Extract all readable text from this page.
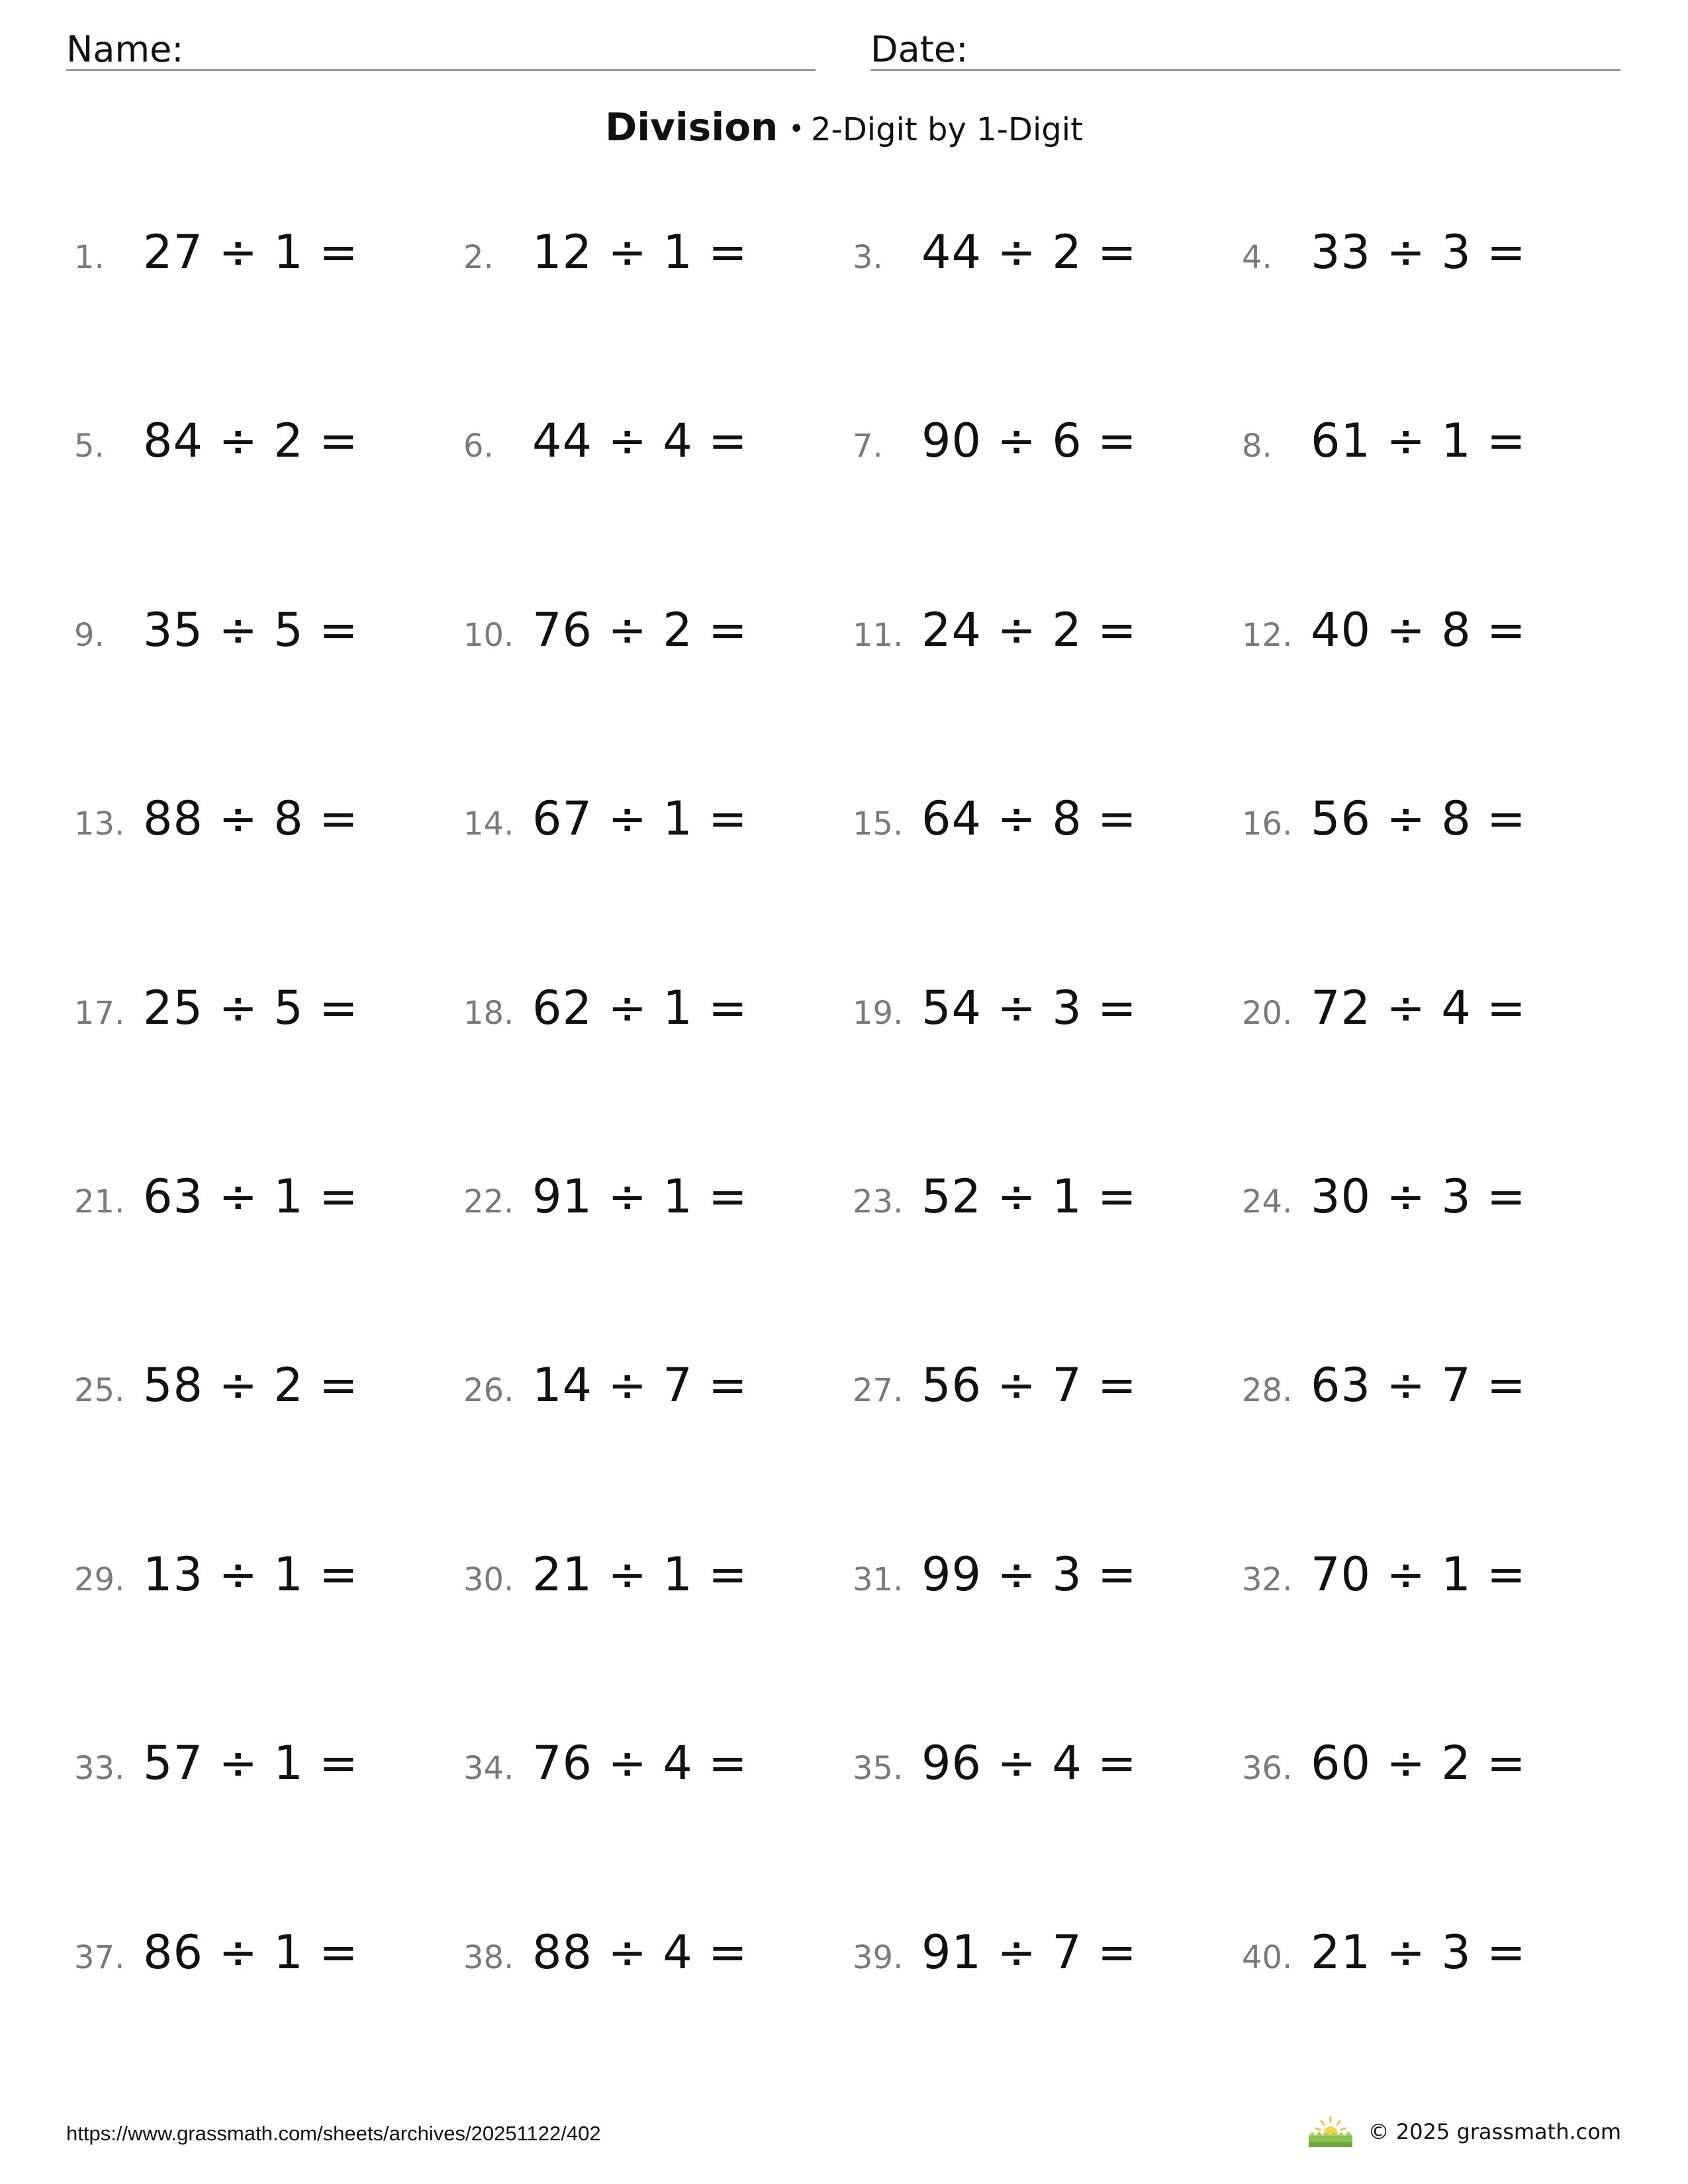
Name:	Date:
Division • 2-Digit by 1-Digit
1. 27 ÷ 1 =	2. 12 ÷ 1 =	3. 44 ÷ 2 =	4. 33 ÷ 3 =
5. 84 ÷ 2 =	6. 44 ÷ 4 =	7. 90 ÷ 6 =	8. 61 ÷ 1 =
9. 35 ÷ 5 =	10. 76 ÷ 2 =	11. 24 ÷ 2 =	12. 40 ÷ 8 =
13. 88 ÷ 8 =	14. 67 ÷ 1 =	15. 64 ÷ 8 =	16. 56 ÷ 8 =
17. 25 ÷ 5 =	18. 62 ÷ 1 =	19. 54 ÷ 3 =	20. 72 ÷ 4 =
21. 63 ÷ 1 =	22. 91 ÷ 1 =	23. 52 ÷ 1 =	24. 30 ÷ 3 =
25. 58 ÷ 2 =	26. 14 ÷ 7 =	27. 56 ÷ 7 =	28. 63 ÷ 7 =
29. 13 ÷ 1 =	30. 21 ÷ 1 =	31. 99 ÷ 3 =	32. 70 ÷ 1 =
33. 57 ÷ 1 =	34. 76 ÷ 4 =	35. 96 ÷ 4 =	36. 60 ÷ 2 =
37. 86 ÷ 1 =	38. 88 ÷ 4 =	39. 91 ÷ 7 =	40. 21 ÷ 3 =
https://www.grassmath.com/sheets/archives/20251122/402	© 2025 grassmath.com
